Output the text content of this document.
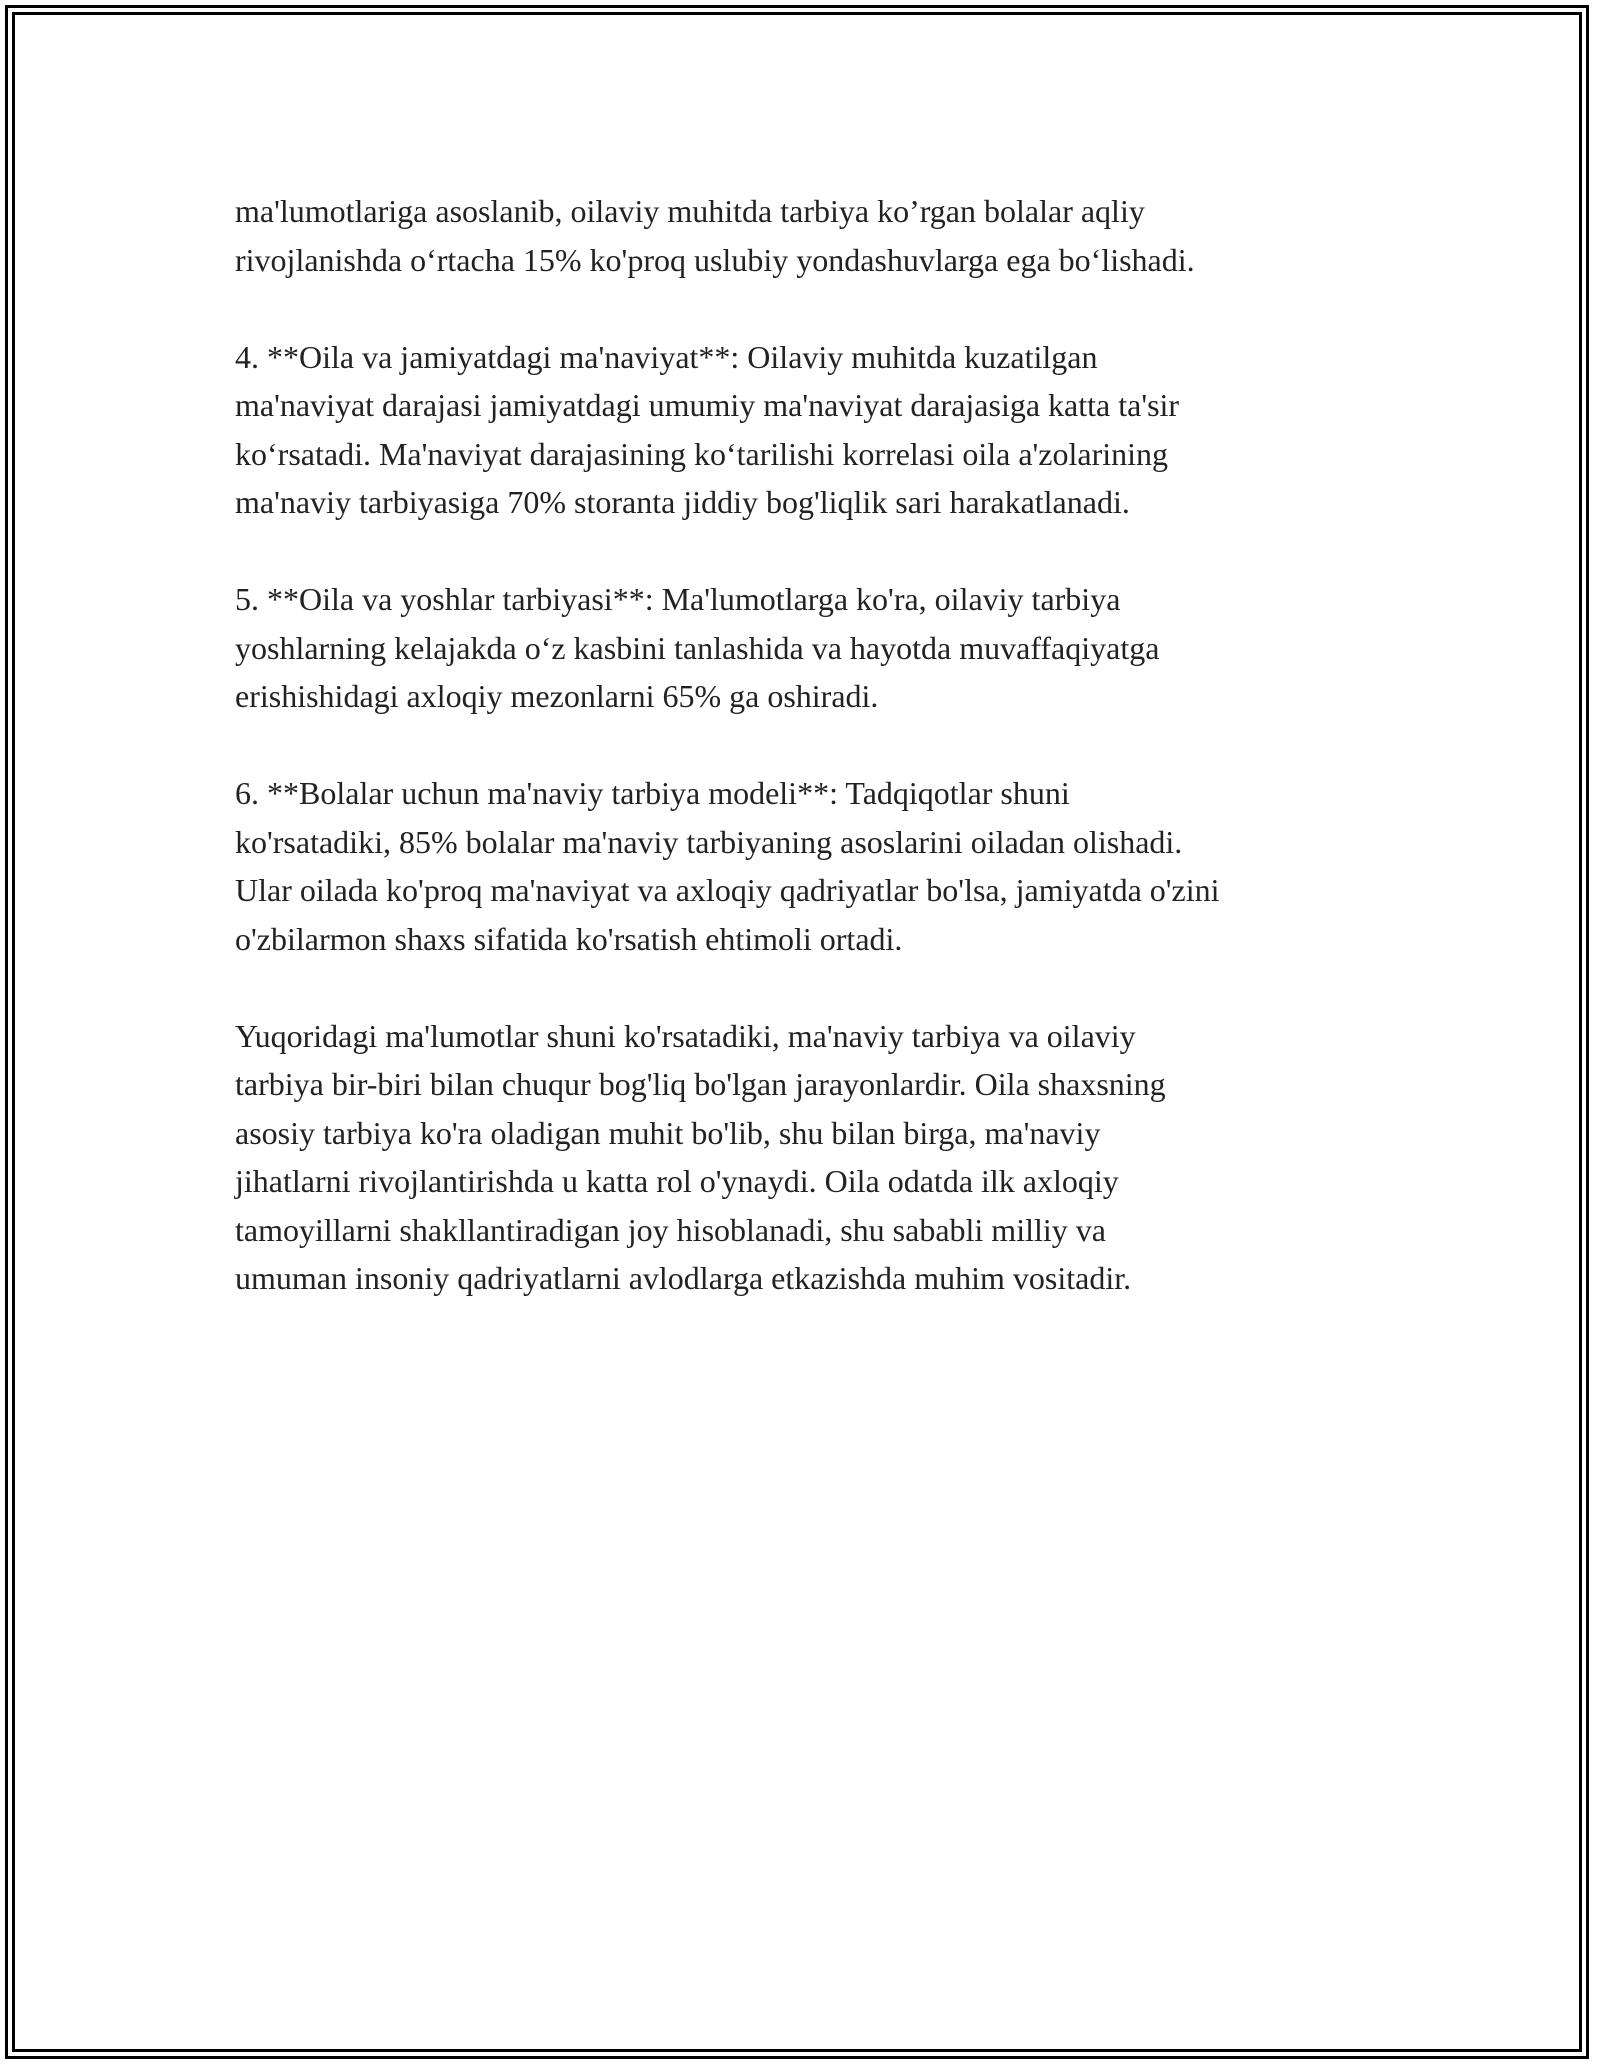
ma'lumotlariga asoslanib, oilaviy muhitda tarbiya ko’rgan bolalar aqliy
rivojlanishda o‘rtacha 15% ko'proq uslubiy yondashuvlarga ega bo‘lishadi.

4. **Oila va jamiyatdagi ma'naviyat**: Oilaviy muhitda kuzatilgan
ma'naviyat darajasi jamiyatdagi umumiy ma'naviyat darajasiga katta ta'sir
ko‘rsatadi. Ma'naviyat darajasining ko‘tarilishi korrelasi oila a'zolarining
ma'naviy tarbiyasiga 70% storanta jiddiy bog'liqlik sari harakatlanadi.

5. **Oila va yoshlar tarbiyasi**: Ma'lumotlarga ko'ra, oilaviy tarbiya
yoshlarning kelajakda o‘z kasbini tanlashida va hayotda muvaffaqiyatga
erishishidagi axloqiy mezonlarni 65% ga oshiradi.

6. **Bolalar uchun ma'naviy tarbiya modeli**: Tadqiqotlar shuni
ko'rsatadiki, 85% bolalar ma'naviy tarbiyaning asoslarini oiladan olishadi.
Ular oilada ko'proq ma'naviyat va axloqiy qadriyatlar bo'lsa, jamiyatda o'zini
o'zbilarmon shaxs sifatida ko'rsatish ehtimoli ortadi.

Yuqoridagi ma'lumotlar shuni ko'rsatadiki, ma'naviy tarbiya va oilaviy
tarbiya bir-biri bilan chuqur bog'liq bo'lgan jarayonlardir. Oila shaxsning
asosiy tarbiya ko'ra oladigan muhit bo'lib, shu bilan birga, ma'naviy
jihatlarni rivojlantirishda u katta rol o'ynaydi. Oila odatda ilk axloqiy
tamoyillarni shakllantiradigan joy hisoblanadi, shu sababli milliy va
umuman insoniy qadriyatlarni avlodlarga etkazishda muhim vositadir.
